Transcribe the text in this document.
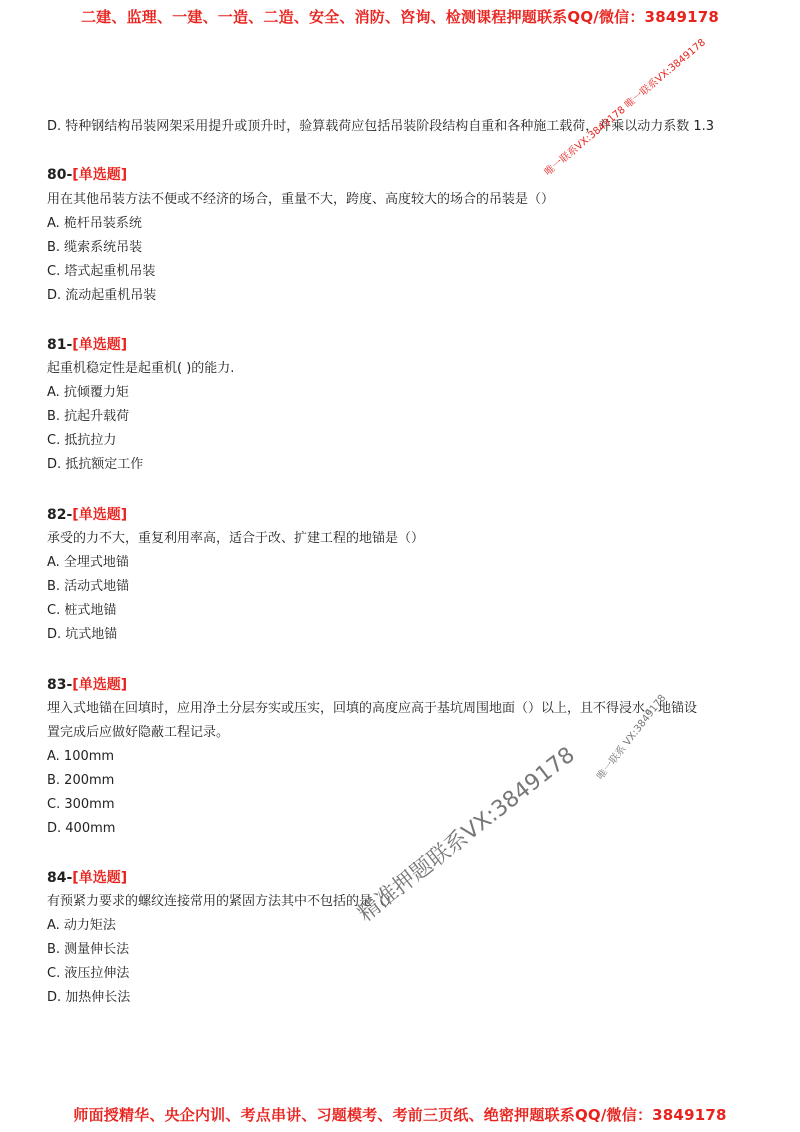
二建、监理、一建、一造、二造、安全、消防、咨询、检测课程押题联系QQ/微信：3849178
D. 特种钢结构吊装网架采用提升或顶升时，验算载荷应包括吊装阶段结构自重和各种施工载荷，并乘以动力系数 1.3
80-[单选题]
用在其他吊装方法不便或不经济的场合，重量不大，跨度、高度较大的场合的吊装是（）
A. 桅杆吊装系统
B. 缆索系统吊装
C. 塔式起重机吊装
D. 流动起重机吊装
81-[单选题]
起重机稳定性是起重机( )的能力.
A. 抗倾覆力矩
B. 抗起升载荷
C. 抵抗拉力
D. 抵抗额定工作
82-[单选题]
承受的力不大，重复利用率高，适合于改、扩建工程的地锚是（）
A. 全埋式地锚
B. 活动式地锚
C. 桩式地锚
D. 坑式地锚
83-[单选题]
埋入式地锚在回填时，应用净土分层夯实或压实，回填的高度应高于基坑周围地面（）以上，且不得浸水。地锚设
置完成后应做好隐蔽工程记录。
A. 100mm
B. 200mm
C. 300mm
D. 400mm
84-[单选题]
有预紧力要求的螺纹连接常用的紧固方法其中不包括的是（）
A. 动力矩法
B. 测量伸长法
C. 液压拉伸法
D. 加热伸长法
唯一联系VX:3849178 唯一联系VX:3849178
唯一联系 VX:3849178
精准押题联系VX:3849178
师面授精华、央企内训、考点串讲、习题模考、考前三页纸、绝密押题联系QQ/微信：3849178
